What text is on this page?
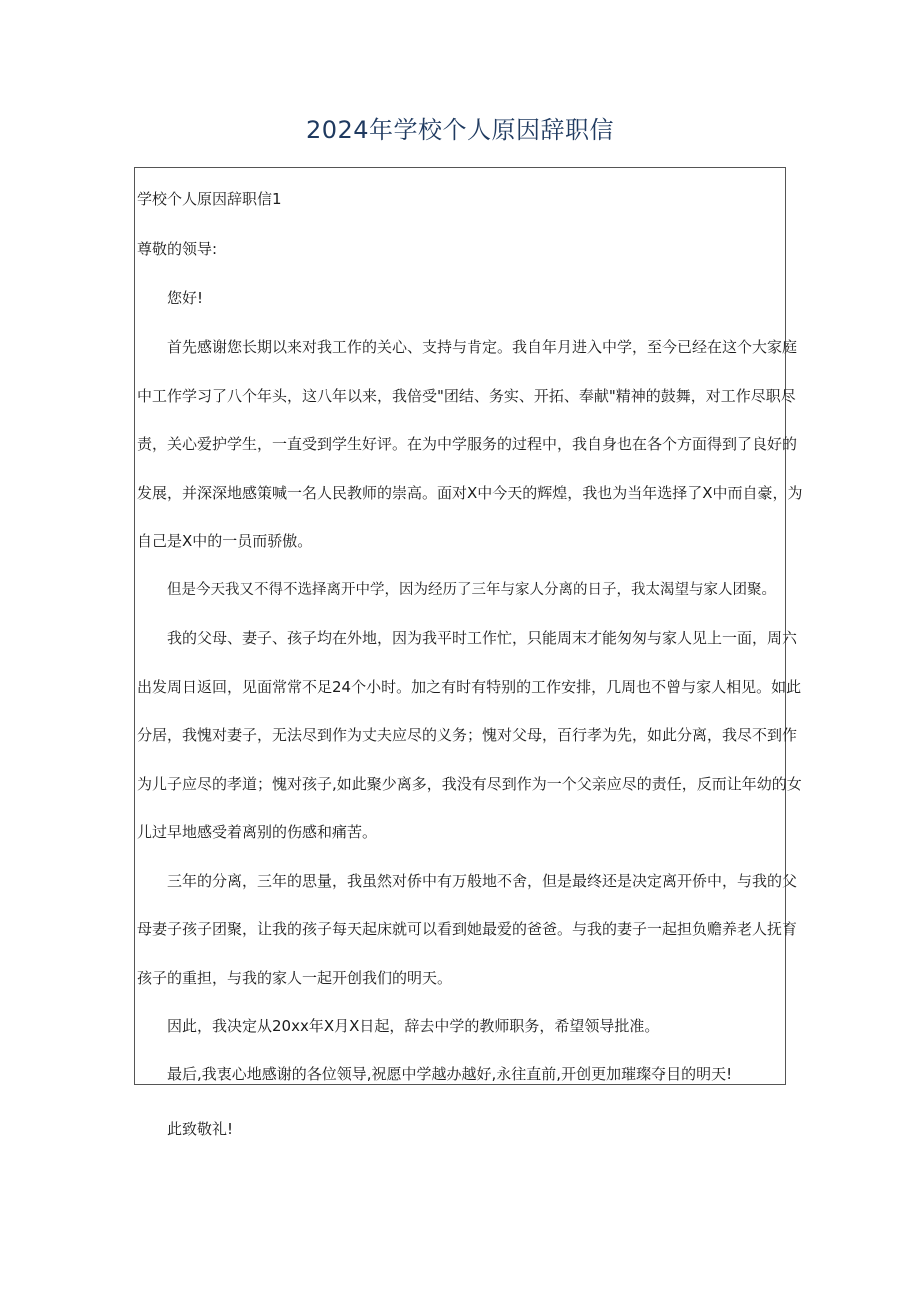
2024年学校个人原因辞职信
学校个人原因辞职信1
尊敬的领导:
您好!
首先感谢您长期以来对我工作的关心、支持与肯定。我自年月进入中学，至今已经在这个大家庭
中工作学习了八个年头，这八年以来，我倍受"团结、务实、开拓、奉献"精神的鼓舞，对工作尽职尽
责，关心爱护学生，一直受到学生好评。在为中学服务的过程中，我自身也在各个方面得到了良好的
发展，并深深地感策喊一名人民教师的崇高。面对X中今天的辉煌，我也为当年选择了X中而自豪，为
自己是X中的一员而骄傲。
但是今天我又不得不选择离开中学，因为经历了三年与家人分离的日子，我太渴望与家人团聚。
我的父母、妻子、孩子均在外地，因为我平时工作忙，只能周末才能匆匆与家人见上一面，周六
出发周日返回，见面常常不足24个小时。加之有时有特别的工作安排，几周也不曾与家人相见。如此
分居，我愧对妻子，无法尽到作为丈夫应尽的义务；愧对父母，百行孝为先，如此分离，我尽不到作
为儿子应尽的孝道；愧对孩子,如此聚少离多，我没有尽到作为一个父亲应尽的责任，反而让年幼的女
儿过早地感受着离别的伤感和痛苦。
三年的分离，三年的思量，我虽然对侨中有万般地不舍，但是最终还是决定离开侨中，与我的父
母妻子孩子团聚，让我的孩子每天起床就可以看到她最爱的爸爸。与我的妻子一起担负赡养老人抚育
孩子的重担，与我的家人一起开创我们的明天。
因此，我决定从20xx年X月X日起，辞去中学的教师职务，希望领导批准。
最后,我衷心地感谢的各位领导,祝愿中学越办越好,永往直前,开创更加璀璨夺目的明天!
此致敬礼!
